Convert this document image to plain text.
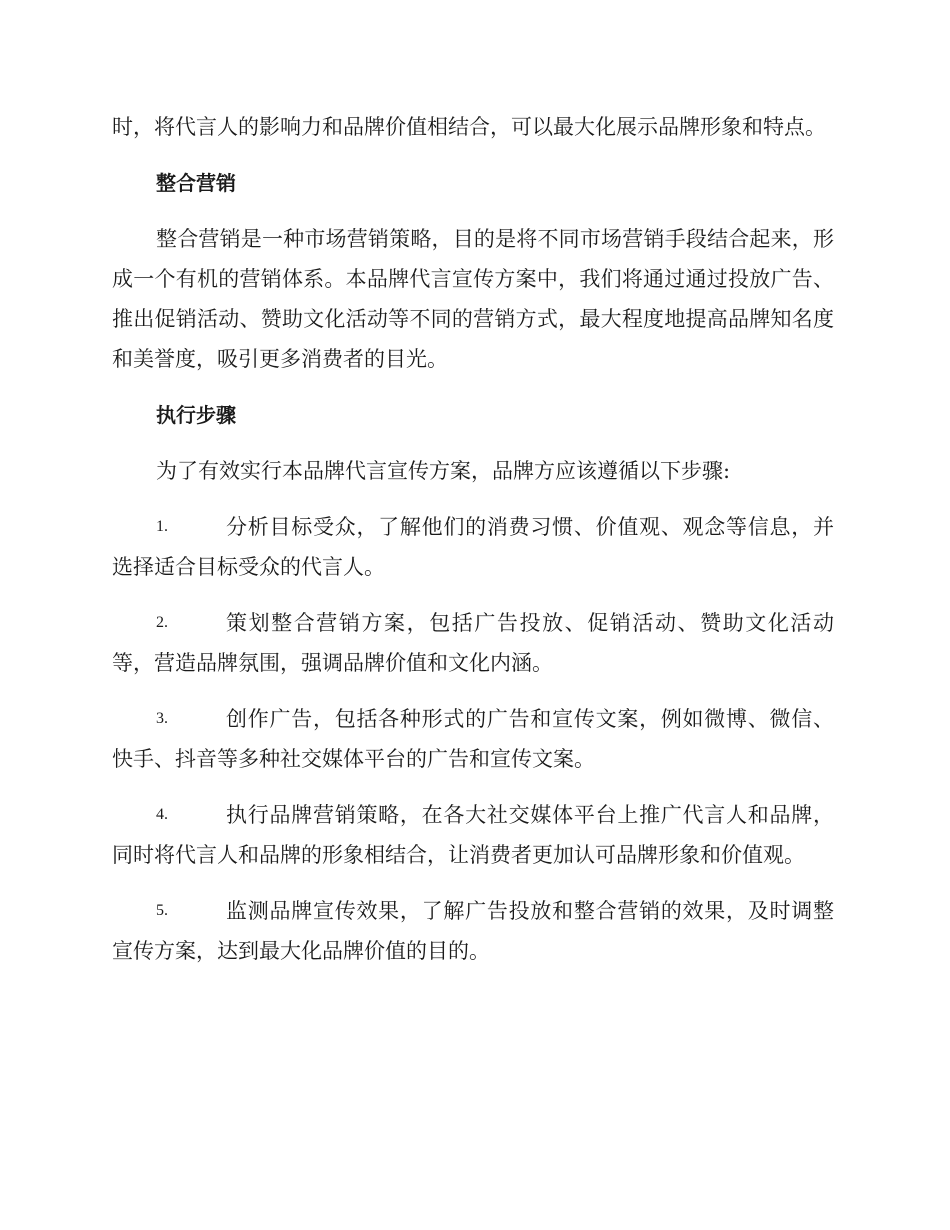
时，将代言人的影响力和品牌价值相结合，可以最大化展示品牌形象和特点。

整合营销

整合营销是一种市场营销策略，目的是将不同市场营销手段结合起来，形成一个有机的营销体系。本品牌代言宣传方案中，我们将通过通过投放广告、推出促销活动、赞助文化活动等不同的营销方式，最大程度地提高品牌知名度和美誉度，吸引更多消费者的目光。

执行步骤

为了有效实行本品牌代言宣传方案，品牌方应该遵循以下步骤:

1.	分析目标受众，了解他们的消费习惯、价值观、观念等信息，并选择适合目标受众的代言人。

2.	策划整合营销方案，包括广告投放、促销活动、赞助文化活动等，营造品牌氛围，强调品牌价值和文化内涵。

3.	创作广告，包括各种形式的广告和宣传文案，例如微博、微信、快手、抖音等多种社交媒体平台的广告和宣传文案。

4.	执行品牌营销策略，在各大社交媒体平台上推广代言人和品牌，同时将代言人和品牌的形象相结合，让消费者更加认可品牌形象和价值观。

5.	监测品牌宣传效果，了解广告投放和整合营销的效果，及时调整宣传方案，达到最大化品牌价值的目的。
